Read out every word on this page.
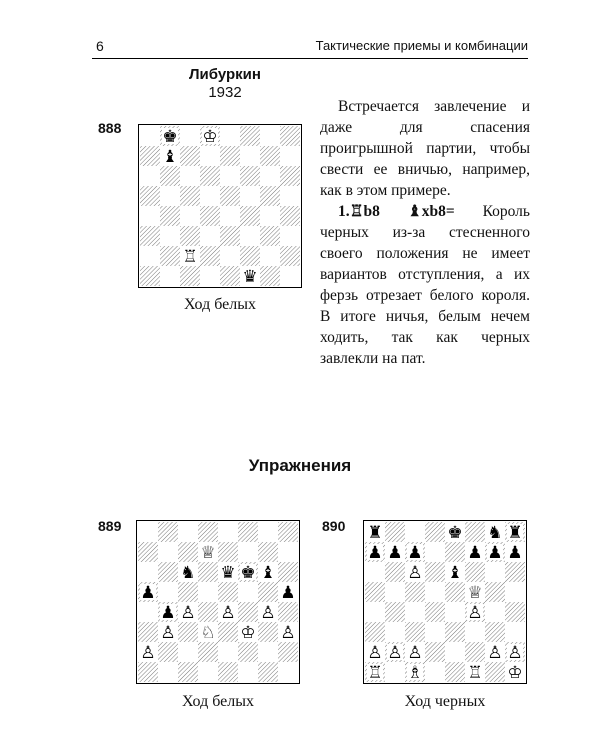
6	Тактические приемы и комбинации
Либуркин
1932
888 ♚ ♔
♝
♖
♛
Ход белых

Встречается завлечение и даже для спасения проигрышной партии, чтобы свести ее вничью, например, как в этом примере.

1.♖b8 ♝xb8= Король черных из-за стесненного своего положения не имеет вариантов отступления, а их ферзь отрезает белого короля. В итоге ничья, белым нечем ходить, так как черных завлекли на пат.

Упражнения
889
♕
♞ ♛ ♚ ♝
♟	♟
♟ ♙ ♙ ♙
♙ ♘ ♔ ♙
♙
Ход белых
890 ♜	♚ ♞ ♜
♟ ♟ ♟	♟ ♟ ♟
♙ ♝
♕
♙
♙ ♙ ♙	♙ ♙
♖ ♗	♖ ♔
Ход черных
